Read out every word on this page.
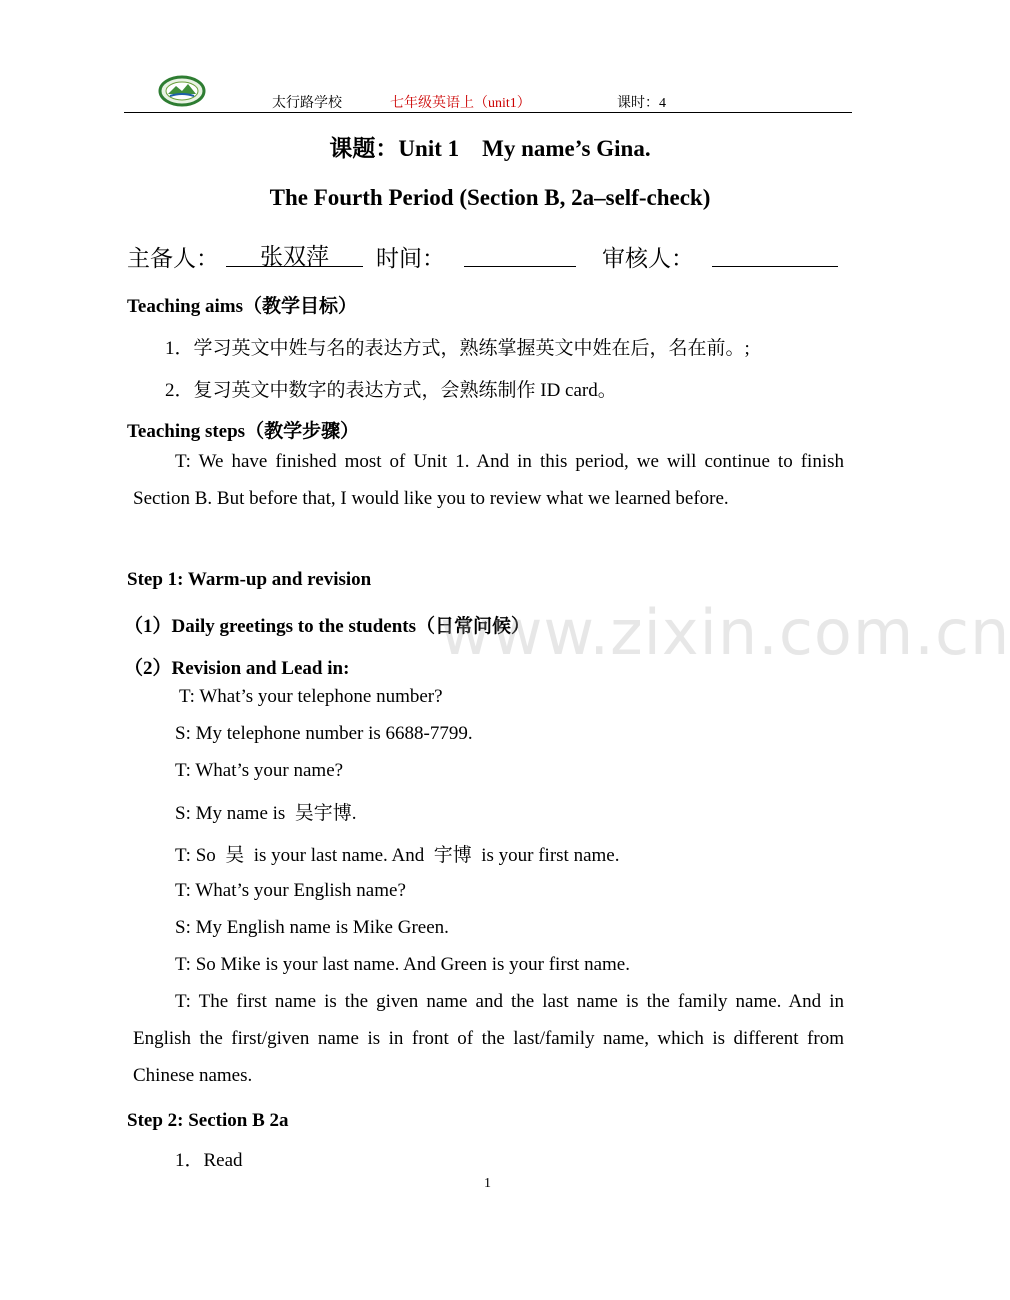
太行路学校	七年级英语上（unit1）	课时：4
课题：Unit 1    My name’s Gina.
The Fourth Period (Section B, 2a–self-check)
主备人：	张双萍	时间：	审核人：
Teaching aims（教学目标）
1．学习英文中姓与名的表达方式，熟练掌握英文中姓在后，名在前。;
2．复习英文中数字的表达方式，会熟练制作 ID card。
Teaching steps（教学步骤）
T: We have finished most of Unit 1. And in this period, we will continue to finish Section B. But before that, I would like you to review what we learned before.
Step 1: Warm-up and revision
（1）Daily greetings to the students（日常问候）
（2）Revision and Lead in:
T: What’s your telephone number?
S: My telephone number is 6688-7799.
T: What’s your name?
S: My name is  吴宇博.
T: So  吴  is your last name. And  宇博  is your first name.
T: What’s your English name?
S: My English name is Mike Green.
T: So Mike is your last name. And Green is your first name.
T: The first name is the given name and the last name is the family name. And in English the first/given name is in front of the last/family name, which is different from Chinese names.
Step 2: Section B 2a
1．Read
www.zixin.com.cn
1
